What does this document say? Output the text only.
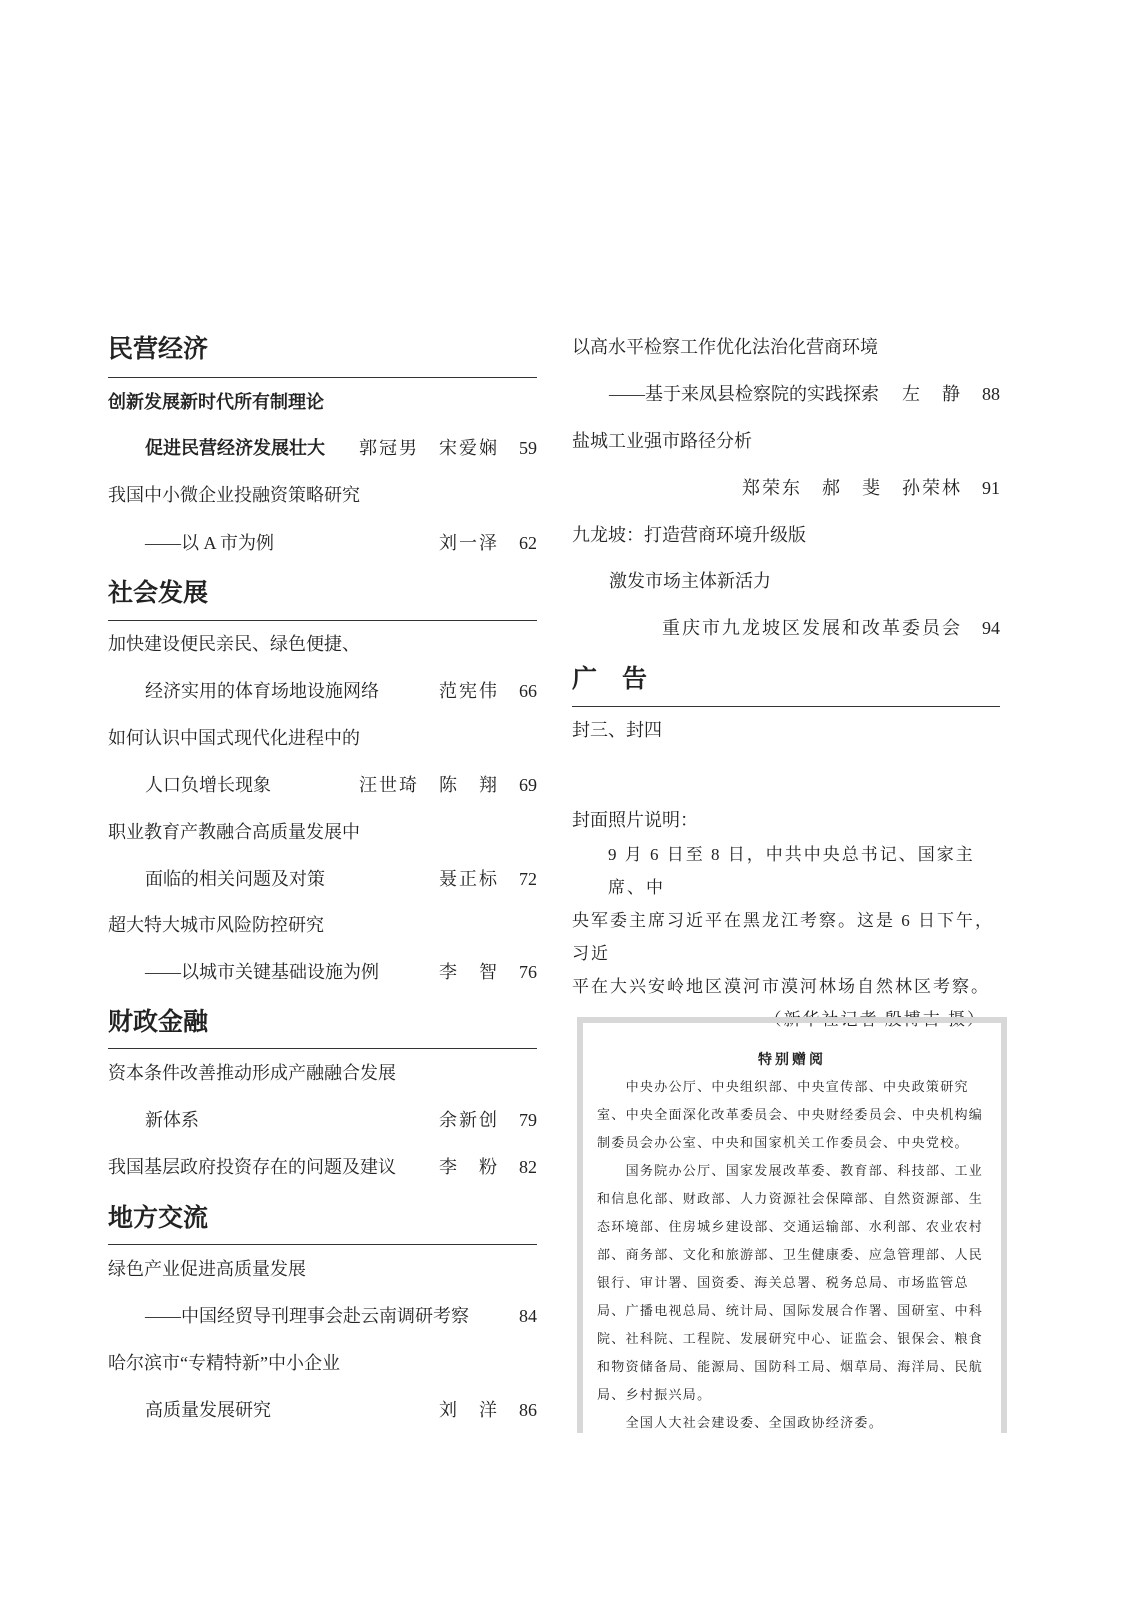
民营经济
创新发展新时代所有制理论
促进民营经济发展壮大	郭冠男　宋爱娴 59
我国中小微企业投融资策略研究
——以 A 市为例	刘一泽 62
社会发展
加快建设便民亲民、绿色便捷、
经济实用的体育场地设施网络	范宪伟 66
如何认识中国式现代化进程中的
人口负增长现象	汪世琦　陈　翔 69
职业教育产教融合高质量发展中
面临的相关问题及对策	聂正标 72
超大特大城市风险防控研究
——以城市关键基础设施为例	李　智 76
财政金融
资本条件改善推动形成产融融合发展
新体系	余新创 79
我国基层政府投资存在的问题及建议	李　粉 82
地方交流
绿色产业促进高质量发展
——中国经贸导刊理事会赴云南调研考察	84
哈尔滨市“专精特新”中小企业
高质量发展研究	刘　洋 86
以高水平检察工作优化法治化营商环境
——基于来凤县检察院的实践探索	左　静 88
盐城工业强市路径分析
郑荣东　郝　斐　孙荣林 91
九龙坡：打造营商环境升级版
激发市场主体新活力
重庆市九龙坡区发展和改革委员会 94
广　告
封三、封四
封面照片说明：
9 月 6 日至 8 日，中共中央总书记、国家主席、中
央军委主席习近平在黑龙江考察。这是 6 日下午，习近
平在大兴安岭地区漠河市漠河林场自然林区考察。
（新华社记者 殷博古 摄）
特别赠阅

中央办公厅、中央组织部、中央宣传部、中央政策研究室、中央全面深化改革委员会、中央财经委员会、中央机构编制委员会办公室、中央和国家机关工作委员会、中央党校。

国务院办公厅、国家发展改革委、教育部、科技部、工业和信息化部、财政部、人力资源社会保障部、自然资源部、生态环境部、住房城乡建设部、交通运输部、水利部、农业农村部、商务部、文化和旅游部、卫生健康委、应急管理部、人民银行、审计署、国资委、海关总署、税务总局、市场监管总局、广播电视总局、统计局、国际发展合作署、国研室、中科院、社科院、工程院、发展研究中心、证监会、银保会、粮食和物资储备局、能源局、国防科工局、烟草局、海洋局、民航局、乡村振兴局。

全国人大社会建设委、全国政协经济委。
